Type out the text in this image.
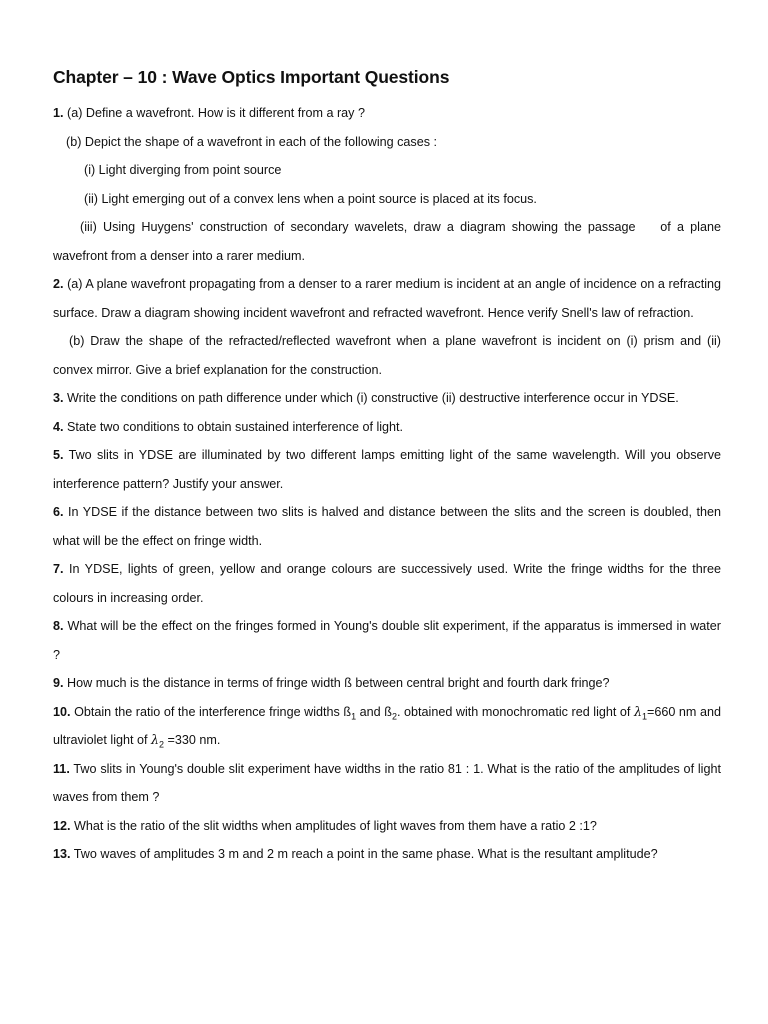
Chapter – 10 : Wave Optics Important Questions

1. (a) Define a wavefront. How is it different from a ray ?

(b) Depict the shape of a wavefront in each of the following cases :

(i) Light diverging from point source

(ii) Light emerging out of a convex lens when a point source is placed at its focus.

(iii) Using Huygens' construction of secondary wavelets, draw a diagram showing the passage    of a plane wavefront from a denser into a rarer medium.

2. (a) A plane wavefront propagating from a denser to a rarer medium is incident at an angle of incidence on a refracting surface. Draw a diagram showing incident wavefront and refracted wavefront. Hence verify Snell's law of refraction.

(b) Draw the shape of the refracted/reflected wavefront when a plane wavefront is incident on (i) prism and (ii) convex mirror. Give a brief explanation for the construction.

3. Write the conditions on path difference under which (i) constructive (ii) destructive interference occur in YDSE.

4. State two conditions to obtain sustained interference of light.

5. Two slits in YDSE are illuminated by two different lamps emitting light of the same wavelength. Will you observe interference pattern? Justify your answer.

6. In YDSE if the distance between two slits is halved and distance between the slits and the screen is doubled, then what will be the effect on fringe width.

7. In YDSE, lights of green, yellow and orange colours are successively used. Write the fringe widths for the three colours in increasing order.

8. What will be the effect on the fringes formed in Young's double slit experiment, if the apparatus is immersed in water ?

9. How much is the distance in terms of fringe width ß between central bright and fourth dark fringe?

10. Obtain the ratio of the interference fringe widths $ß_1$ and $ß_2$. obtained with monochromatic red light of $\lambda_1=660$ nm and ultraviolet light of $\lambda_2 =330$ nm.

11. Two slits in Young's double slit experiment have widths in the ratio 81 : 1. What is the ratio of the amplitudes of light waves from them ?

12. What is the ratio of the slit widths when amplitudes of light waves from them have a ratio 2 :1?

13. Two waves of amplitudes 3 m and 2 m reach a point in the same phase. What is the resultant amplitude?
